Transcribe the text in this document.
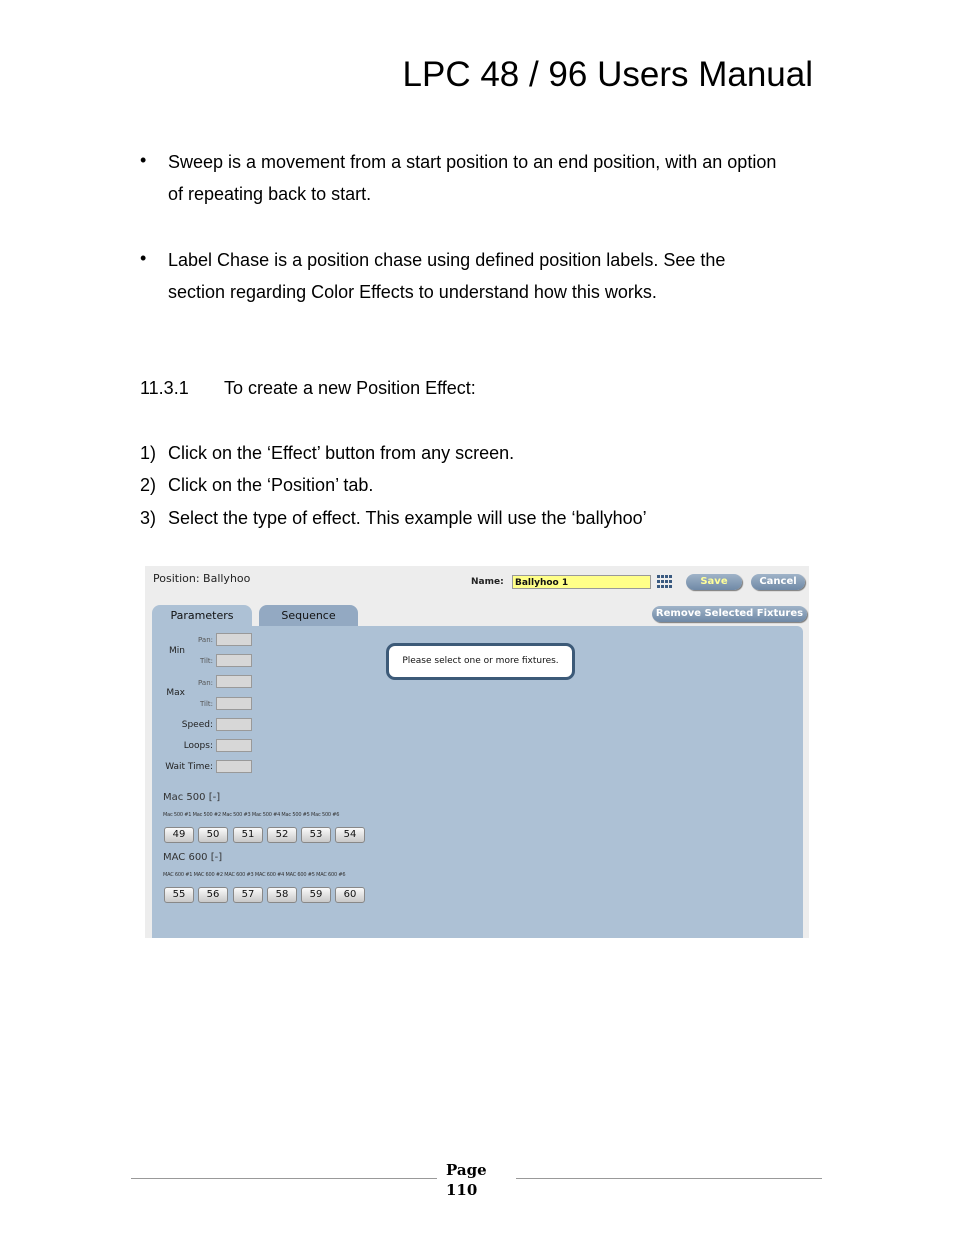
LPC 48 / 96 Users Manual
• Sweep is a movement from a start position to an end position, with an option
of repeating back to start.
• Label Chase is a position chase using defined position labels. See the
section regarding Color Effects to understand how this works.
11.3.1 To create a new Position Effect:
1) Click on the ‘Effect’ button from any screen.
2) Click on the ‘Position’ tab.
3) Select the type of effect. This example will use the ‘ballyhoo’
Position: Ballyhoo	Name:	Ballyhoo 1	Save	Cancel
Remove Selected Fixtures
Parameters	Sequence
Min
Pan:
Tilt:
Max
Pan:
Tilt:
Speed:
Loops:
Wait Time:
Please select one or more fixtures.
Mac 500 [-]
Mac 500 #1 Mac 500 #2 Mac 500 #3 Mac 500 #4 Mac 500 #5 Mac 500 #6
49	50	51	52	53	54
MAC 600 [-]
MAC 600 #1 MAC 600 #2 MAC 600 #3 MAC 600 #4 MAC 600 #5 MAC 600 #6
55	56	57	58	59	60
Page
110
